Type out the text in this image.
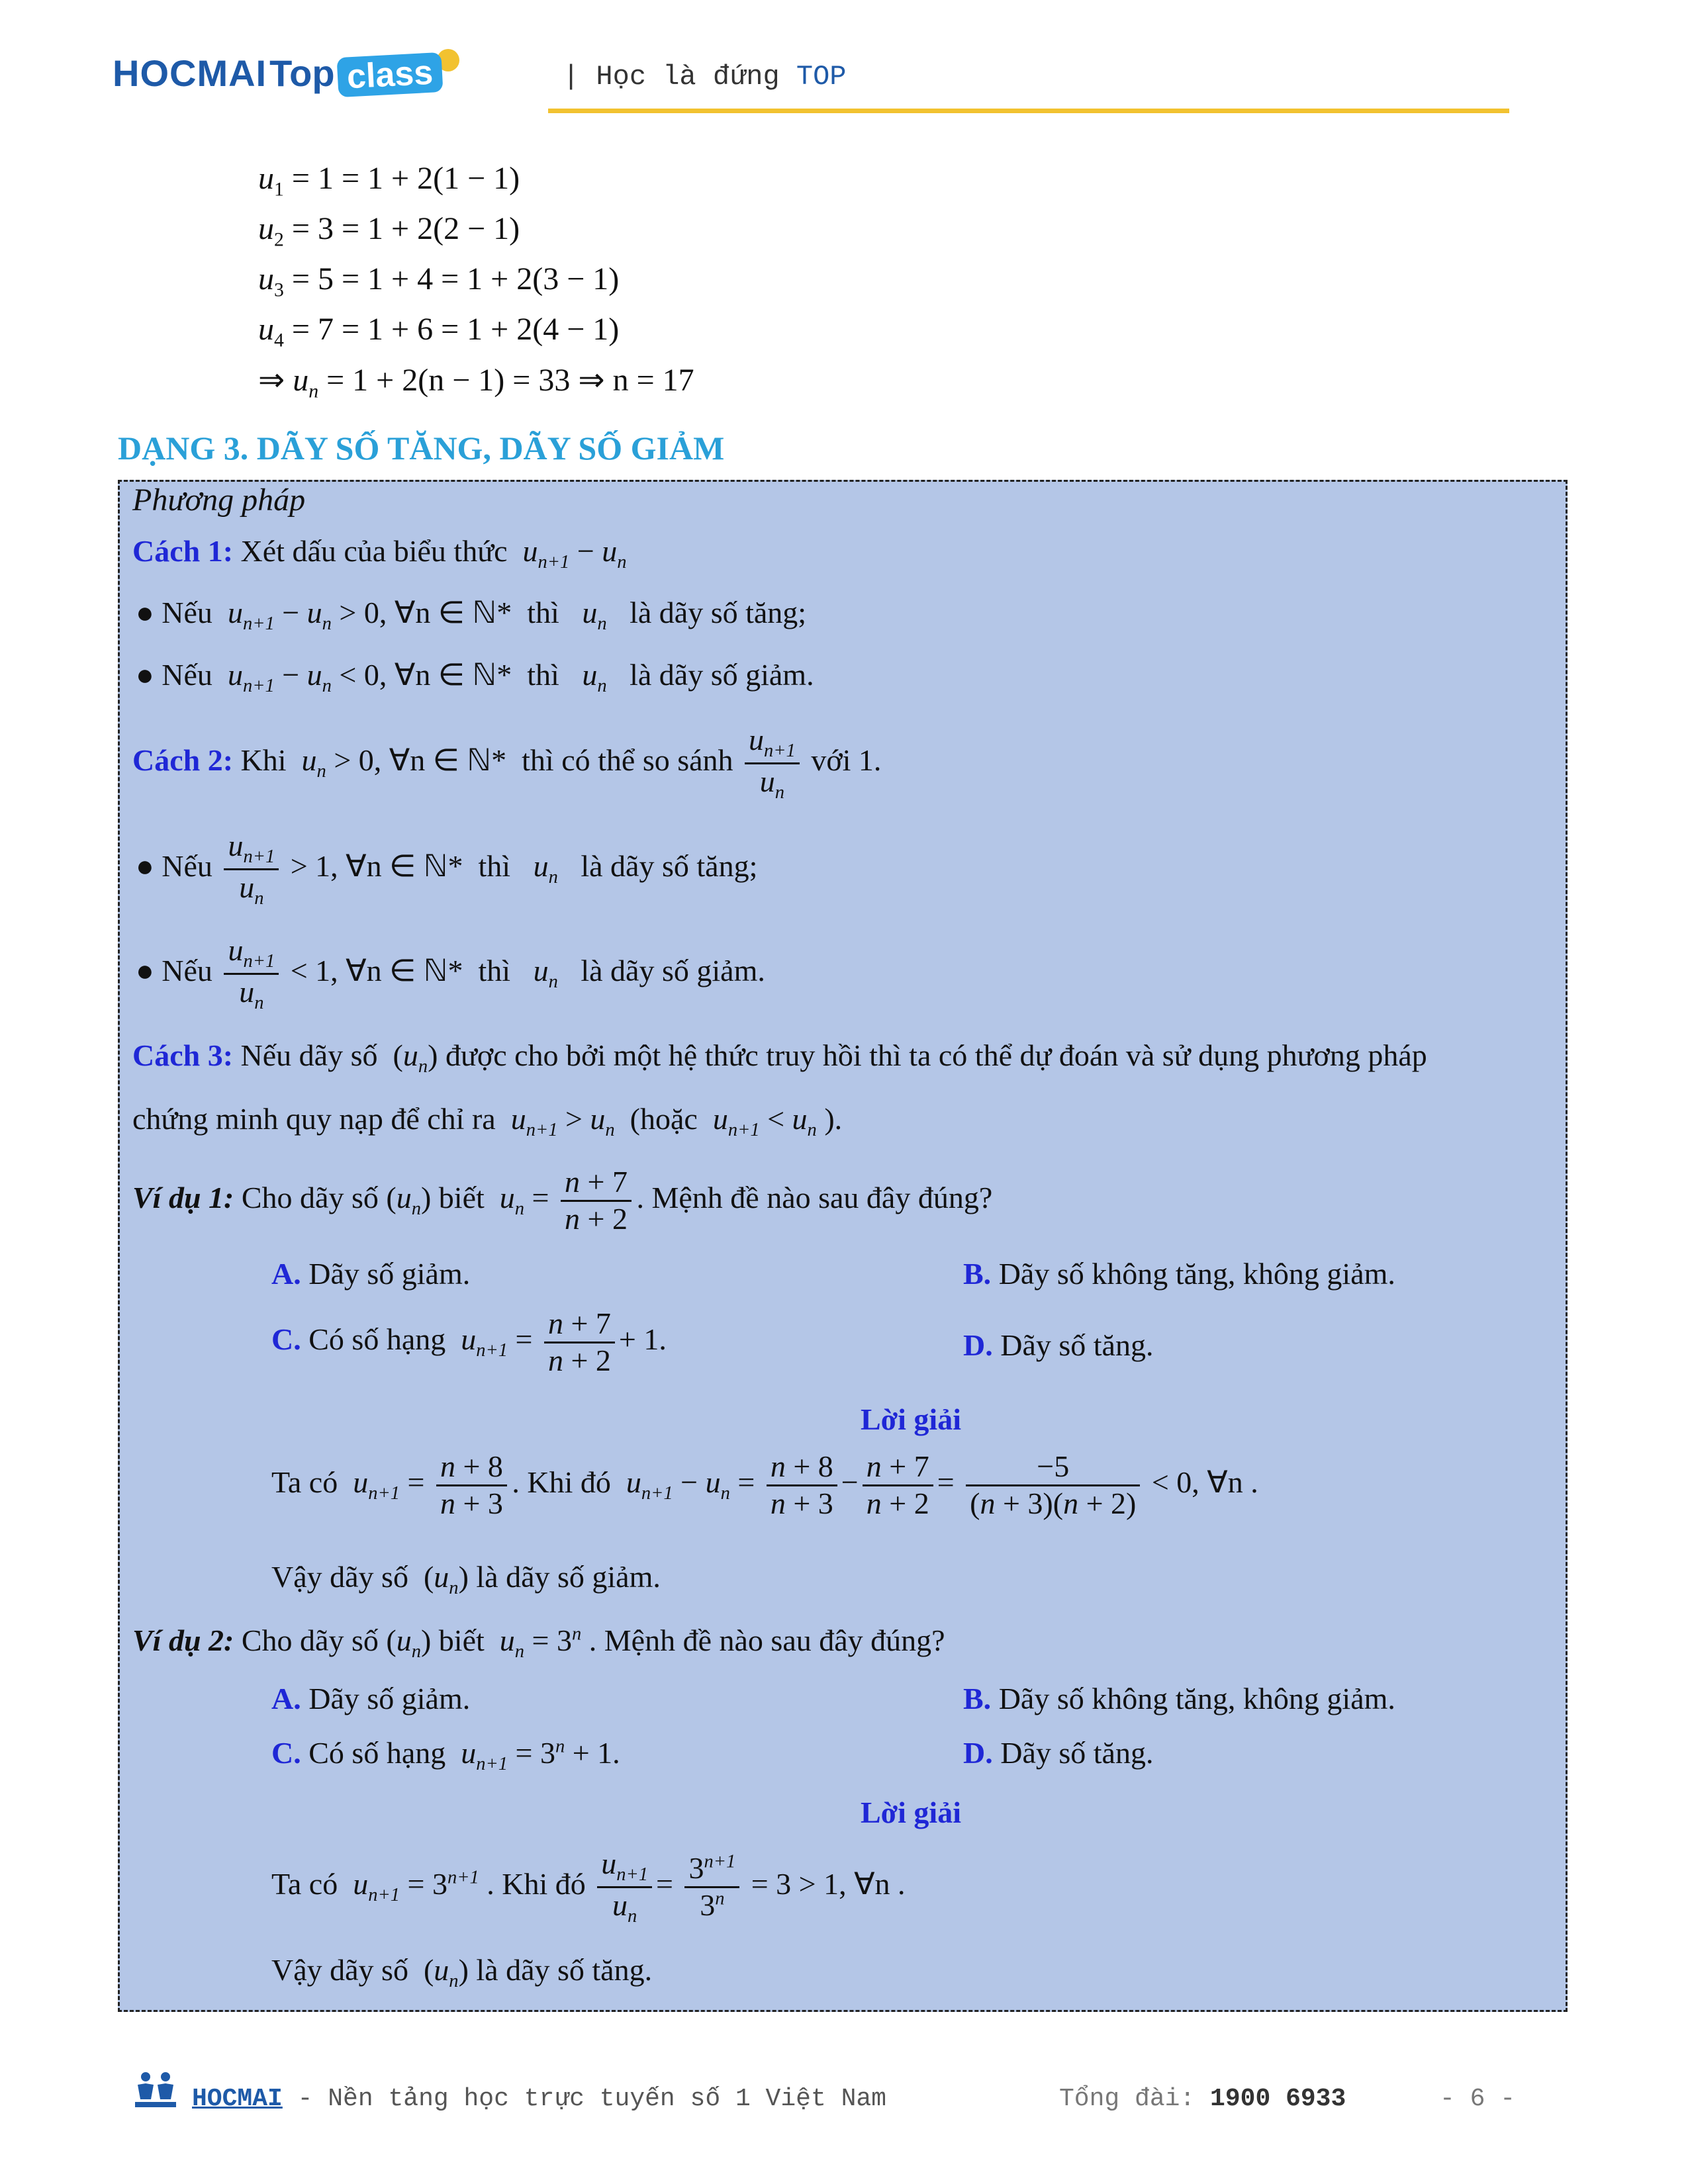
HOCMAI Top class	| Học là đứng TOP
$u_1 = 1 = 1 + 2(1 - 1)$
$u_2 = 3 = 1 + 2(2 - 1)$
$u_3 = 5 = 1 + 4 = 1 + 2(3 - 1)$
$u_4 = 7 = 1 + 6 = 1 + 2(4 - 1)$
⇒ $u_n = 1 + 2(n - 1) = 33$ ⇒ n = 17
DẠNG 3. DÃY SỐ TĂNG, DÃY SỐ GIẢM
Phương pháp
Cách 1: Xét dấu của biểu thức $u_{n+1} - u_n$
● Nếu $u_{n+1} - u_n > 0$, ∀n ∈ ℕ* thì $u_n$ là dãy số tăng;
● Nếu $u_{n+1} - u_n < 0$, ∀n ∈ ℕ* thì $u_n$ là dãy số giảm.
Cách 2: Khi $u_n > 0$, ∀n ∈ ℕ* thì có thể so sánh $\frac{u_{n+1}}{u_n}$ với 1.
● Nếu $\frac{u_{n+1}}{u_n} > 1$, ∀n ∈ ℕ* thì $u_n$ là dãy số tăng;
● Nếu $\frac{u_{n+1}}{u_n} < 1$, ∀n ∈ ℕ* thì $u_n$ là dãy số giảm.
Cách 3: Nếu dãy số  $(u_n)$ được cho bởi một hệ thức truy hồi thì ta có thể dự đoán và sử dụng phương pháp
chứng minh quy nạp để chỉ ra $u_{n+1} > u_n$ (hoặc $u_{n+1} < u_n$ ).
Ví dụ 1: Cho dãy số $(u_n)$ biết $u_n = \frac{n + 7}{n + 2}$ . Mệnh đề nào sau đây đúng?
A. Dãy số giảm.	B. Dãy số không tăng, không giảm.
C. Có số hạng $u_{n+1} = \frac{n + 7}{n + 2} + 1$.	D. Dãy số tăng.
Lời giải
Ta có $u_{n+1} = \frac{n + 8}{n + 3}$ . Khi đó $u_{n+1} - u_n = \frac{n + 8}{n + 3} - \frac{n + 7}{n + 2} = \frac{-5}{(n + 3)(n + 2)} < 0$, ∀n .
Vậy dãy số  $(u_n)$ là dãy số giảm.
Ví dụ 2: Cho dãy số $(u_n)$ biết $u_n = 3^n$ . Mệnh đề nào sau đây đúng?
A. Dãy số giảm.	B. Dãy số không tăng, không giảm.
C. Có số hạng $u_{n+1} = 3^n + 1$.	D. Dãy số tăng.
Lời giải
Ta có $u_{n+1} = 3^{n+1}$ . Khi đó $\frac{u_{n+1}}{u_n} = \frac{3^{n+1}}{3^n} = 3 > 1$, ∀n .
Vậy dãy số  $(u_n)$ là dãy số tăng.
HOCMAI - Nền tảng học trực tuyến số 1 Việt Nam	Tổng đài: 1900 6933	- 6 -
